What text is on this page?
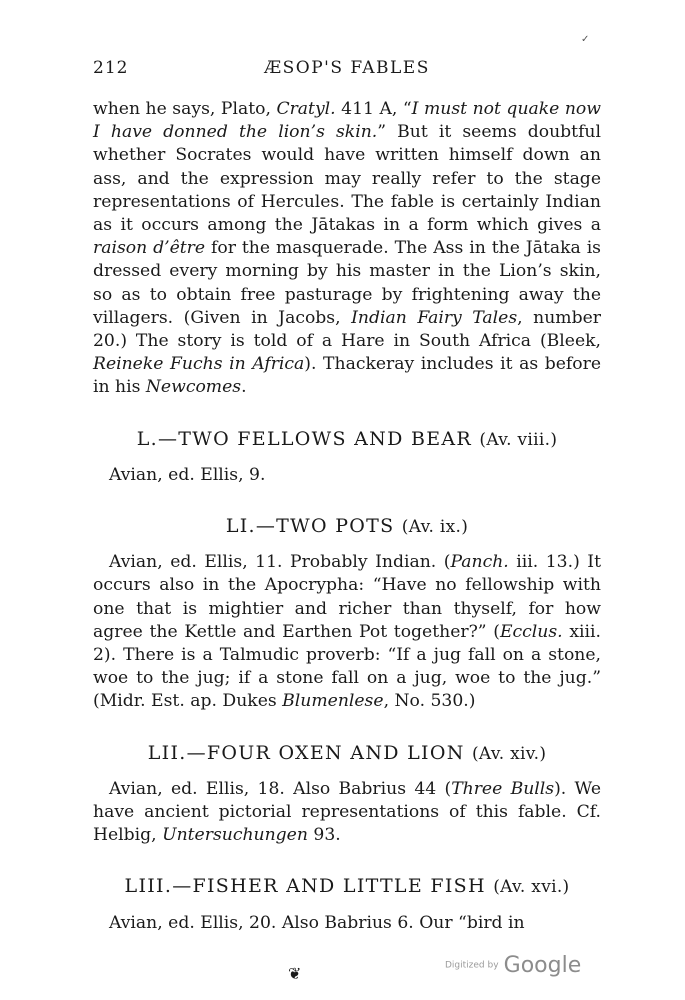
✓
212	ÆSOP'S FABLES

when he says, Plato, Cratyl. 411 A, “I must not quake now I have donned the lion’s skin.” But it seems doubtful whether Socrates would have written himself down an ass, and the expression may really refer to the stage representations of Hercules. The fable is certainly Indian as it occurs among the Jātakas in a form which gives a raison d’être for the masquerade. The Ass in the Jātaka is dressed every morning by his master in the Lion’s skin, so as to obtain free pasturage by frightening away the villagers. (Given in Jacobs, Indian Fairy Tales, number 20.) The story is told of a Hare in South Africa (Bleek, Reineke Fuchs in Africa). Thackeray includes it as before in his Newcomes.

L.—TWO FELLOWS AND BEAR (Av. viii.)

Avian, ed. Ellis, 9.

LI.—TWO POTS (Av. ix.)

Avian, ed. Ellis, 11. Probably Indian. (Panch. iii. 13.) It occurs also in the Apocrypha: “Have no fellowship with one that is mightier and richer than thyself, for how agree the Kettle and Earthen Pot together?” (Ecclus. xiii. 2). There is a Talmudic proverb: “If a jug fall on a stone, woe to the jug; if a stone fall on a jug, woe to the jug.” (Midr. Est. ap. Dukes Blumenlese, No. 530.)

LII.—FOUR OXEN AND LION (Av. xiv.)

Avian, ed. Ellis, 18. Also Babrius 44 (Three Bulls). We have ancient pictorial representations of this fable. Cf. Helbig, Untersuchungen 93.

LIII.—FISHER AND LITTLE FISH (Av. xvi.)

Avian, ed. Ellis, 20. Also Babrius 6. Our “bird in

❦	Digitized by Google
